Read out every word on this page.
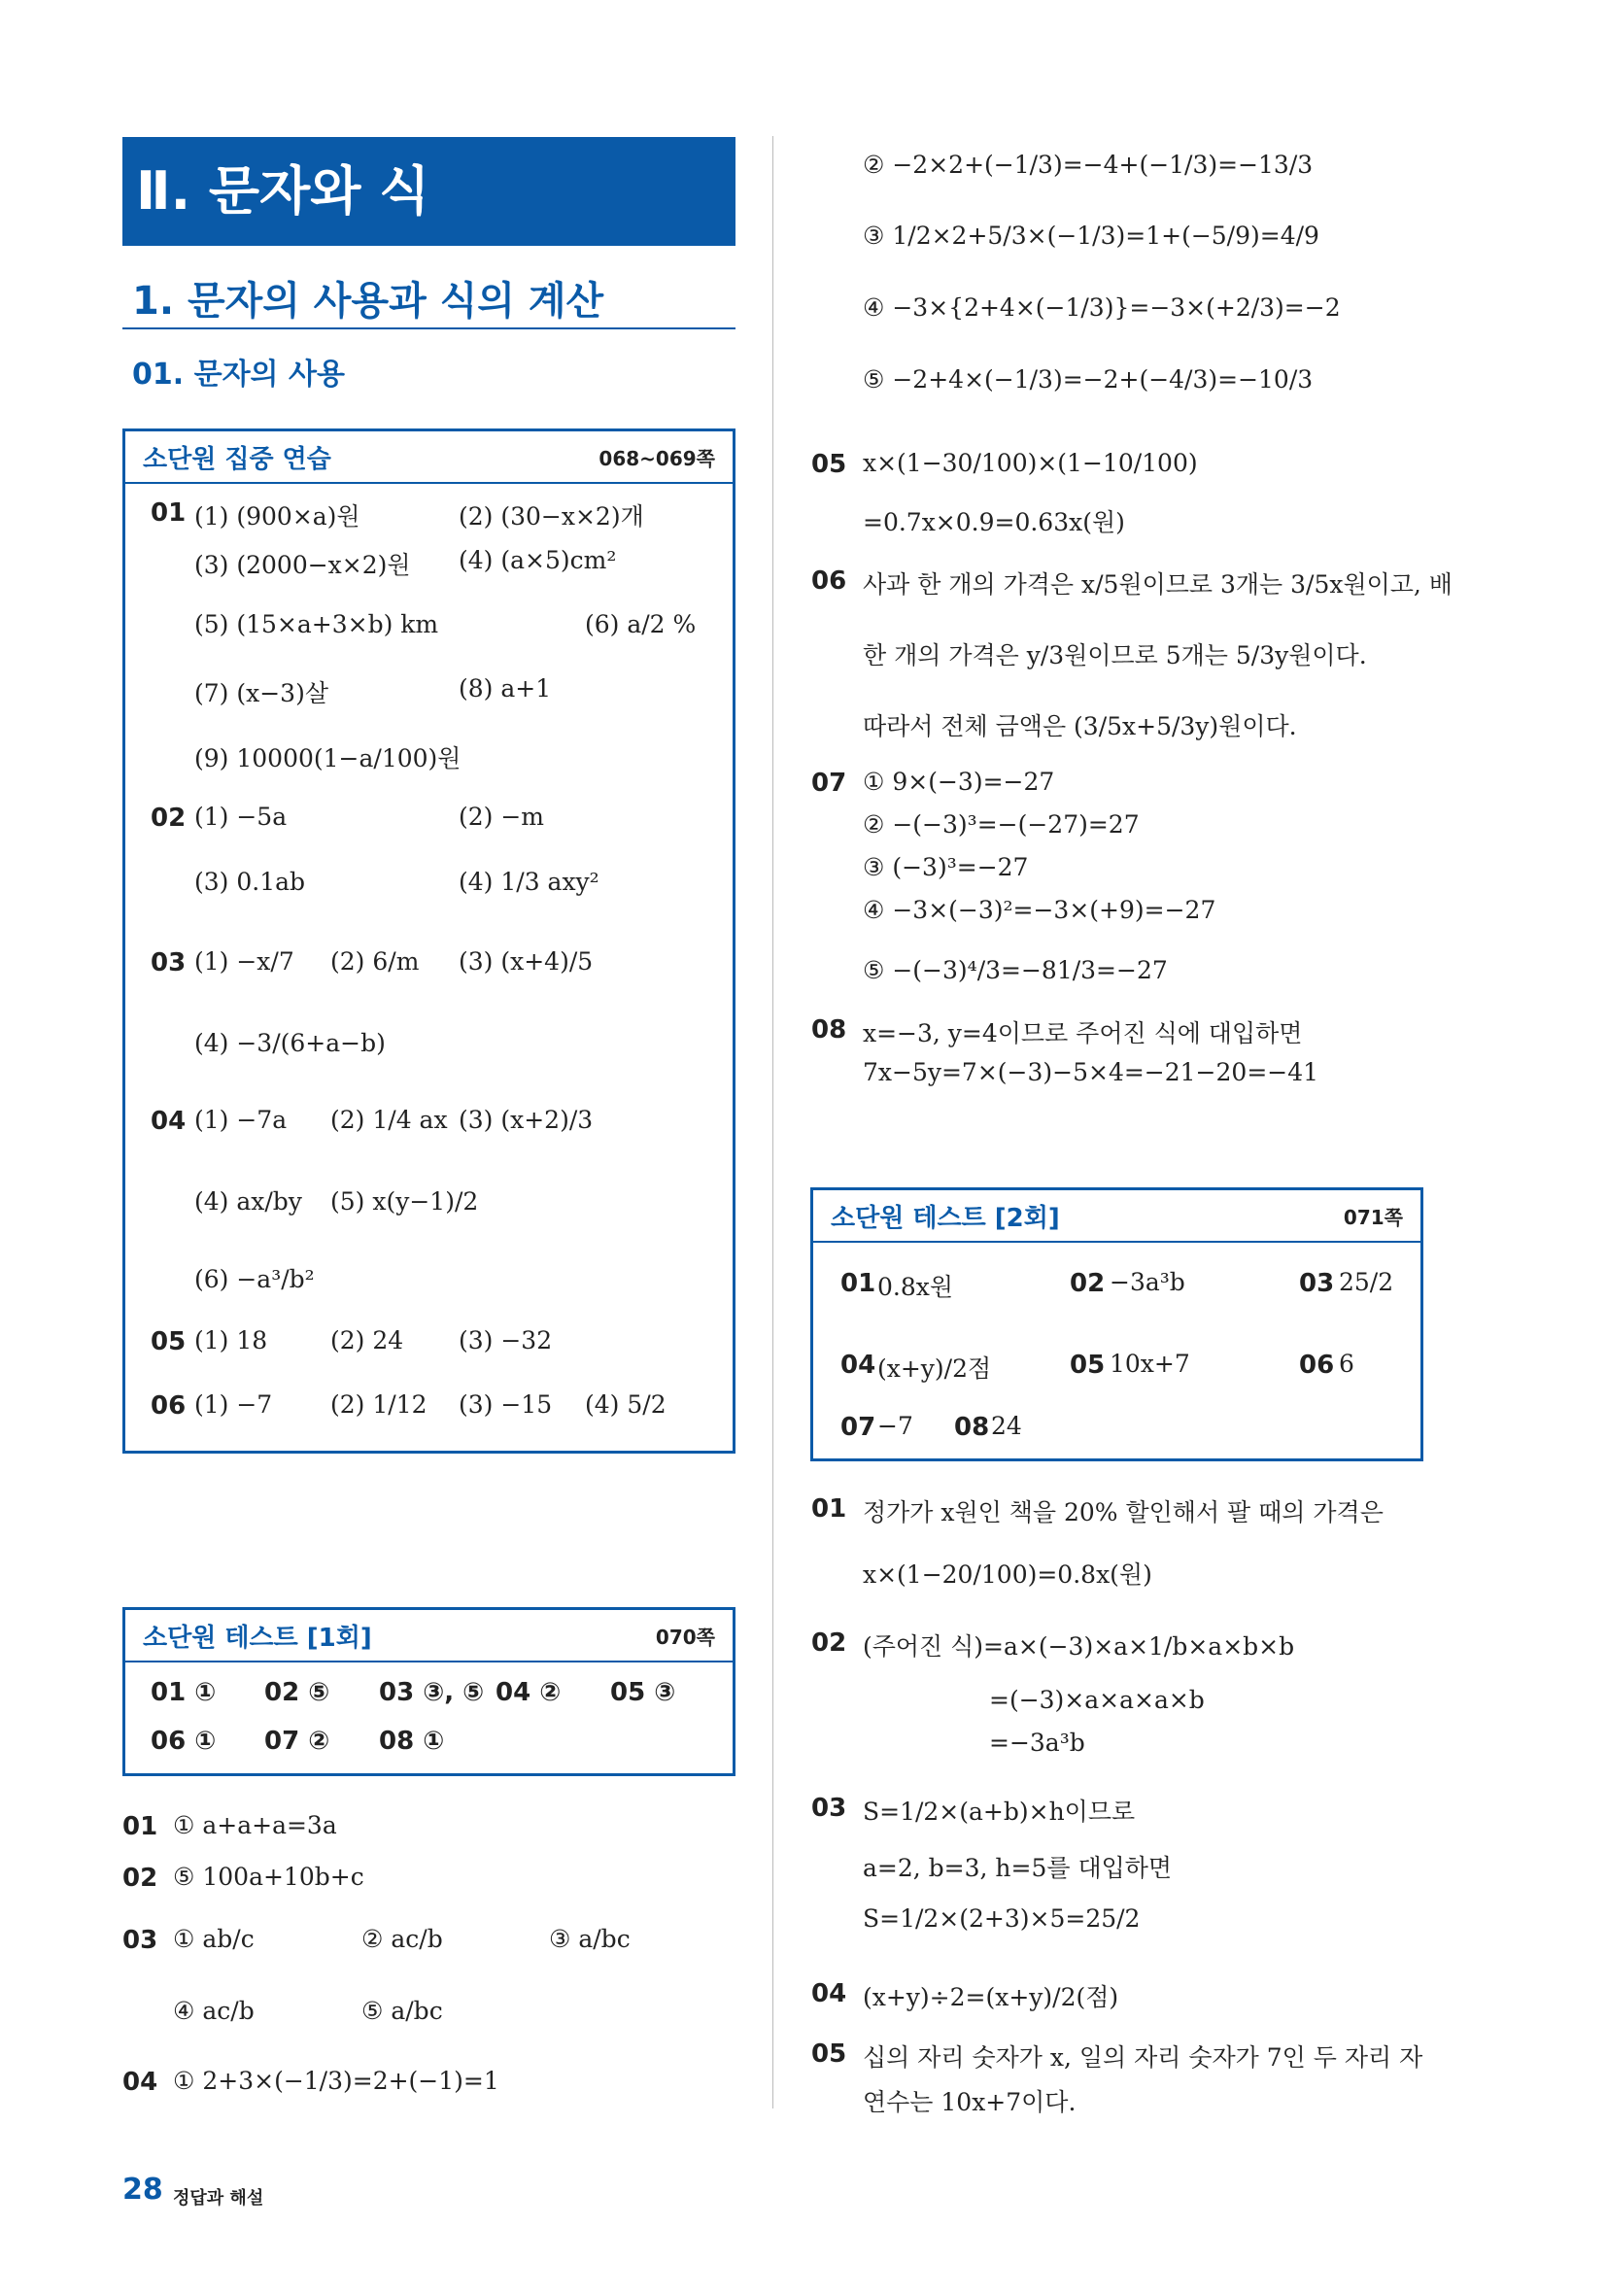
Ⅱ. 문자와 식
1. 문자의 사용과 식의 계산
01. 문자의 사용
소단원 집중 연습	068~069쪽
01 (1) (900×a)원	(2) (30−x×2)개
(3) (2000−x×2)원 (4) (a×5)cm²
(5) (15×a+3×b) km	(6) a/2 %
(7) (x−3)살	(8) a+1
(9) 10000(1−a/100)원
02 (1) −5a	(2) −m
(3) 0.1ab	(4) 1/3 axy²
03 (1) −x/7 (2) 6/m (3) (x+4)/5
(4) −3/(6+a−b)
04 (1) −7a (2) 1/4 ax (3) (x+2)/3
(4) ax/by (5) x(y−1)/2
(6) −a³/b²
05 (1) 18	(2) 24 (3) −32
06 (1) −7 (2) 1/12 (3) −15 (4) 5/2
소단원 테스트 [1회]	070쪽
01 ① 02 ⑤ 03 ③, ⑤ 04 ② 05 ③
06 ① 07 ② 08 ①
01 ① a+a+a=3a
02 ⑤ 100a+10b+c
03 ① ab/c	② ac/b	③ a/bc
④ ac/b	⑤ a/bc
04 ① 2+3×(−1/3)=2+(−1)=1
② −2×2+(−1/3)=−4+(−1/3)=−13/3
③ 1/2×2+5/3×(−1/3)=1+(−5/9)=4/9
④ −3×{2+4×(−1/3)}=−3×(+2/3)=−2
⑤ −2+4×(−1/3)=−2+(−4/3)=−10/3
05 x×(1−30/100)×(1−10/100)
=0.7x×0.9=0.63x(원)
06 사과 한 개의 가격은 x/5원이므로 3개는 3/5x원이고, 배
한 개의 가격은 y/3원이므로 5개는 5/3y원이다.
따라서 전체 금액은 (3/5x+5/3y)원이다.
07 ① 9×(−3)=−27
② −(−3)³=−(−27)=27
③ (−3)³=−27
④ −3×(−3)²=−3×(+9)=−27
⑤ −(−3)⁴/3=−81/3=−27
08 x=−3, y=4이므로 주어진 식에 대입하면
7x−5y=7×(−3)−5×4=−21−20=−41
소단원 테스트 [2회]	071쪽
01 0.8x원	02 −3a³b	03 25/2
04 (x+y)/2점	05 10x+7	06 6
07 −7 08 24
01 정가가 x원인 책을 20% 할인해서 팔 때의 가격은
x×(1−20/100)=0.8x(원)
02 (주어진 식)=a×(−3)×a×1/b×a×b×b
=(−3)×a×a×a×b
=−3a³b
03 S=1/2×(a+b)×h이므로
a=2, b=3, h=5를 대입하면
S=1/2×(2+3)×5=25/2
04 (x+y)÷2=(x+y)/2(점)
05 십의 자리 숫자가 x, 일의 자리 숫자가 7인 두 자리 자
연수는 10x+7이다.
28 정답과 해설
